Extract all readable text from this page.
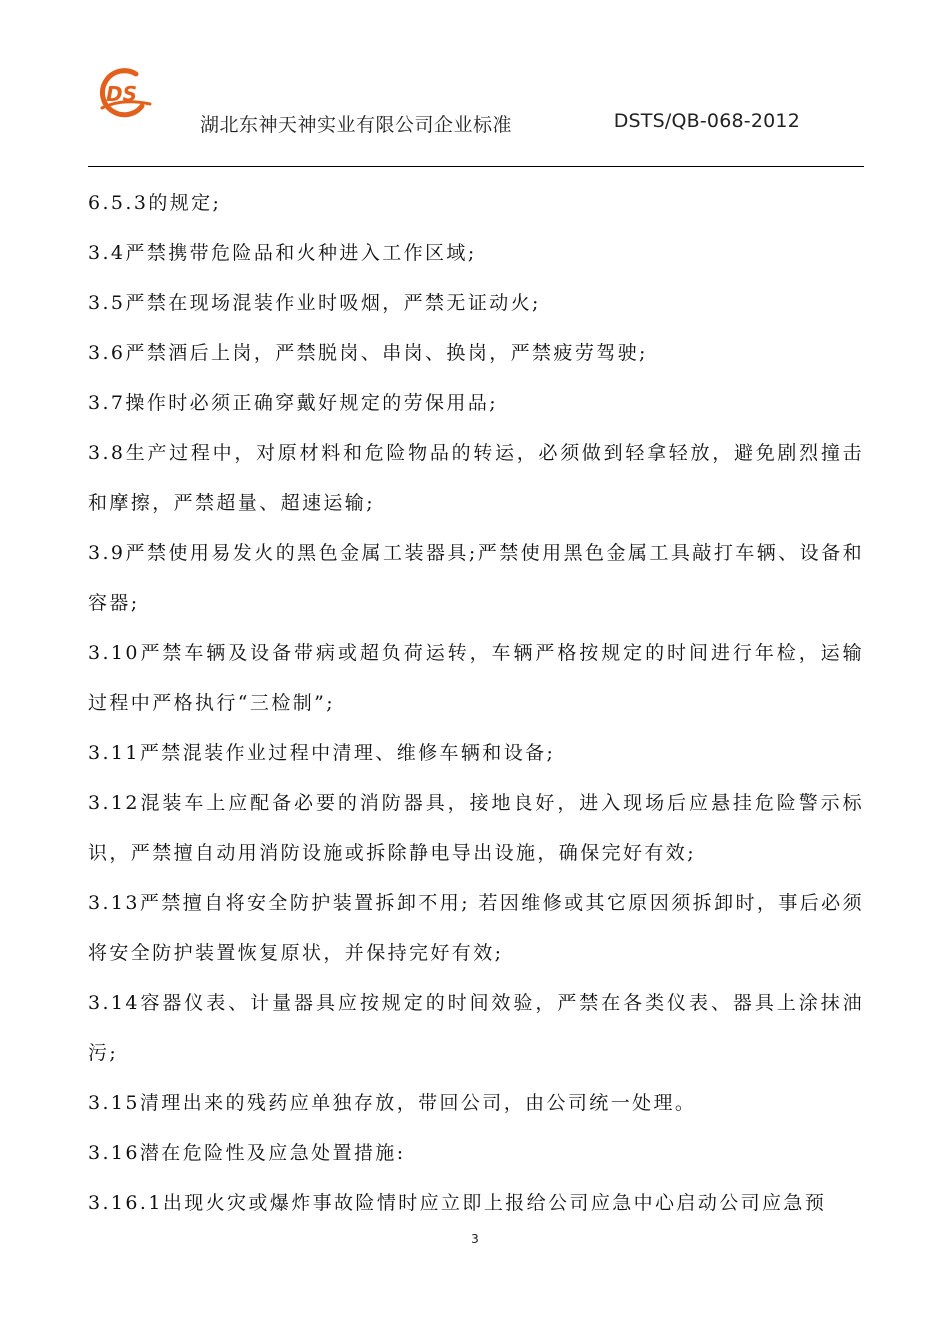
DS
湖北东神天神实业有限公司企业标准	DSTS/QB-068-2012

6.5.3的规定;

3.4严禁携带危险品和火种进入工作区域;

3.5严禁在现场混装作业时吸烟，严禁无证动火;

3.6严禁酒后上岗，严禁脱岗、串岗、换岗，严禁疲劳驾驶;

3.7操作时必须正确穿戴好规定的劳保用品;

3.8生产过程中，对原材料和危险物品的转运，必须做到轻拿轻放，避免剧烈撞击和摩擦，严禁超量、超速运输;

3.9严禁使用易发火的黑色金属工装器具;严禁使用黑色金属工具敲打车辆、设备和容器;

3.10严禁车辆及设备带病或超负荷运转，车辆严格按规定的时间进行年检，运输过程中严格执行“三检制”;

3.11严禁混装作业过程中清理、维修车辆和设备;

3.12混装车上应配备必要的消防器具，接地良好，进入现场后应悬挂危险警示标识，严禁擅自动用消防设施或拆除静电导出设施，确保完好有效;

3.13严禁擅自将安全防护装置拆卸不用; 若因维修或其它原因须拆卸时，事后必须将安全防护装置恢复原状，并保持完好有效;

3.14容器仪表、计量器具应按规定的时间效验，严禁在各类仪表、器具上涂抹油污;

3.15清理出来的残药应单独存放，带回公司，由公司统一处理。

3.16潜在危险性及应急处置措施:

3.16.1出现火灾或爆炸事故险情时应立即上报给公司应急中心启动公司应急预

3
